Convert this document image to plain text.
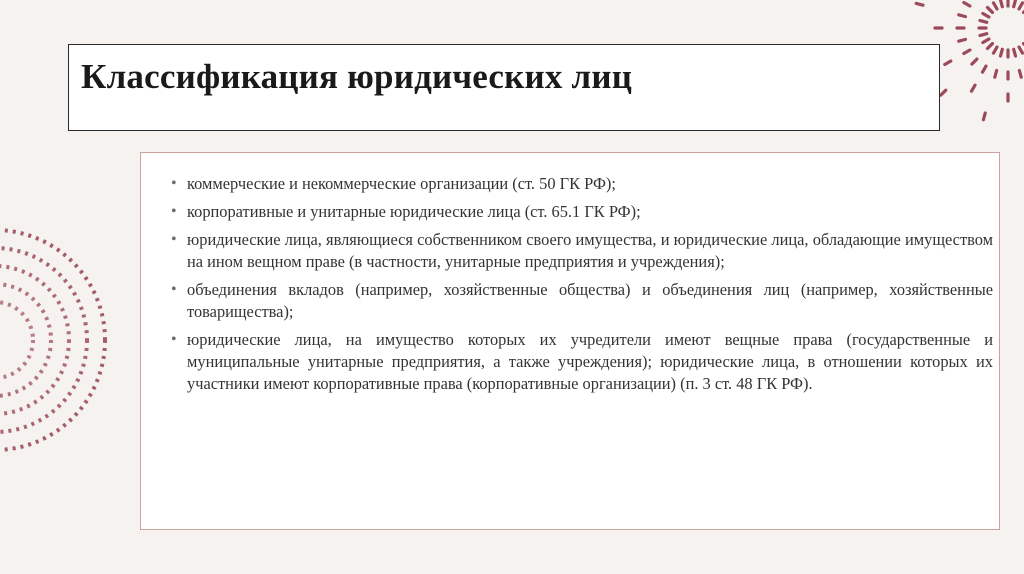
Классификация юридических лиц
• коммерческие и некоммерческие организации (ст. 50 ГК РФ);
• корпоративные и унитарные юридические лица (ст. 65.1 ГК РФ);
• юридические лица, являющиеся собственником своего имущества, и юридические лица, обладающие имуществом на ином вещном праве (в частности, унитарные предприятия и учреждения);
• объединения вкладов (например, хозяйственные общества) и объединения лиц (например, хозяйственные товарищества);
• юридические лица, на имущество которых их учредители имеют вещные права (государственные и муниципальные унитарные предприятия, а также учреждения); юридические лица, в отношении которых их участники имеют корпоративные права (корпоративные организации) (п. 3 ст. 48 ГК РФ).
